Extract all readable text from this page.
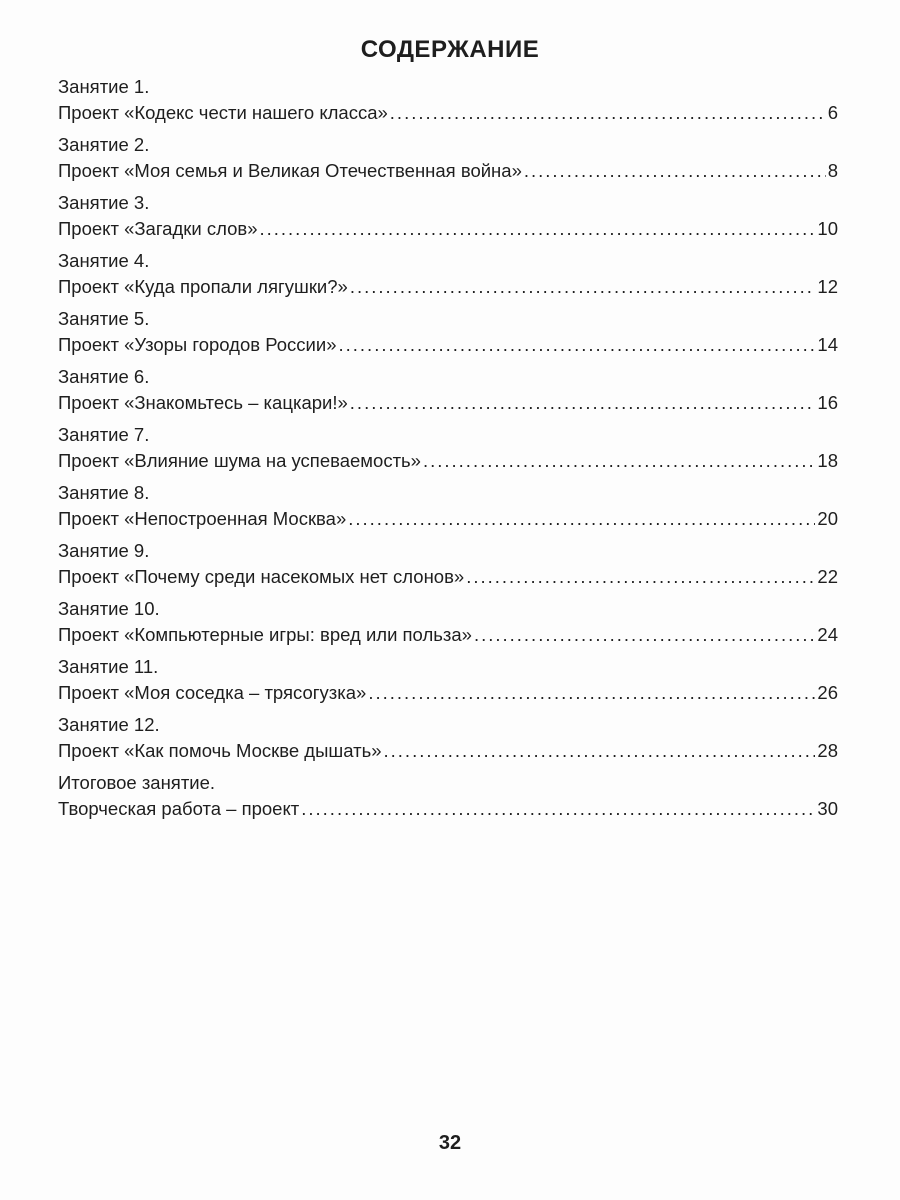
СОДЕРЖАНИЕ
Занятие 1.
Проект «Кодекс чести нашего класса» .....	6
Занятие 2.
Проект «Моя семья и Великая Отечественная война» .....	8
Занятие 3.
Проект «Загадки слов» .....	10
Занятие 4.
Проект «Куда пропали лягушки?» .....	12
Занятие 5.
Проект «Узоры городов России» .....	14
Занятие 6.
Проект «Знакомьтесь – кацкари!» .....	16
Занятие 7.
Проект «Влияние шума на успеваемость» .....	18
Занятие 8.
Проект «Непостроенная Москва» .....	20
Занятие 9.
Проект «Почему среди насекомых нет слонов» .....	22
Занятие 10.
Проект «Компьютерные игры: вред или польза» .....	24
Занятие 11.
Проект «Моя соседка – трясогузка» .....	26
Занятие 12.
Проект «Как помочь Москве дышать» .....	28
Итоговое занятие.
Творческая работа – проект .....	30
32
